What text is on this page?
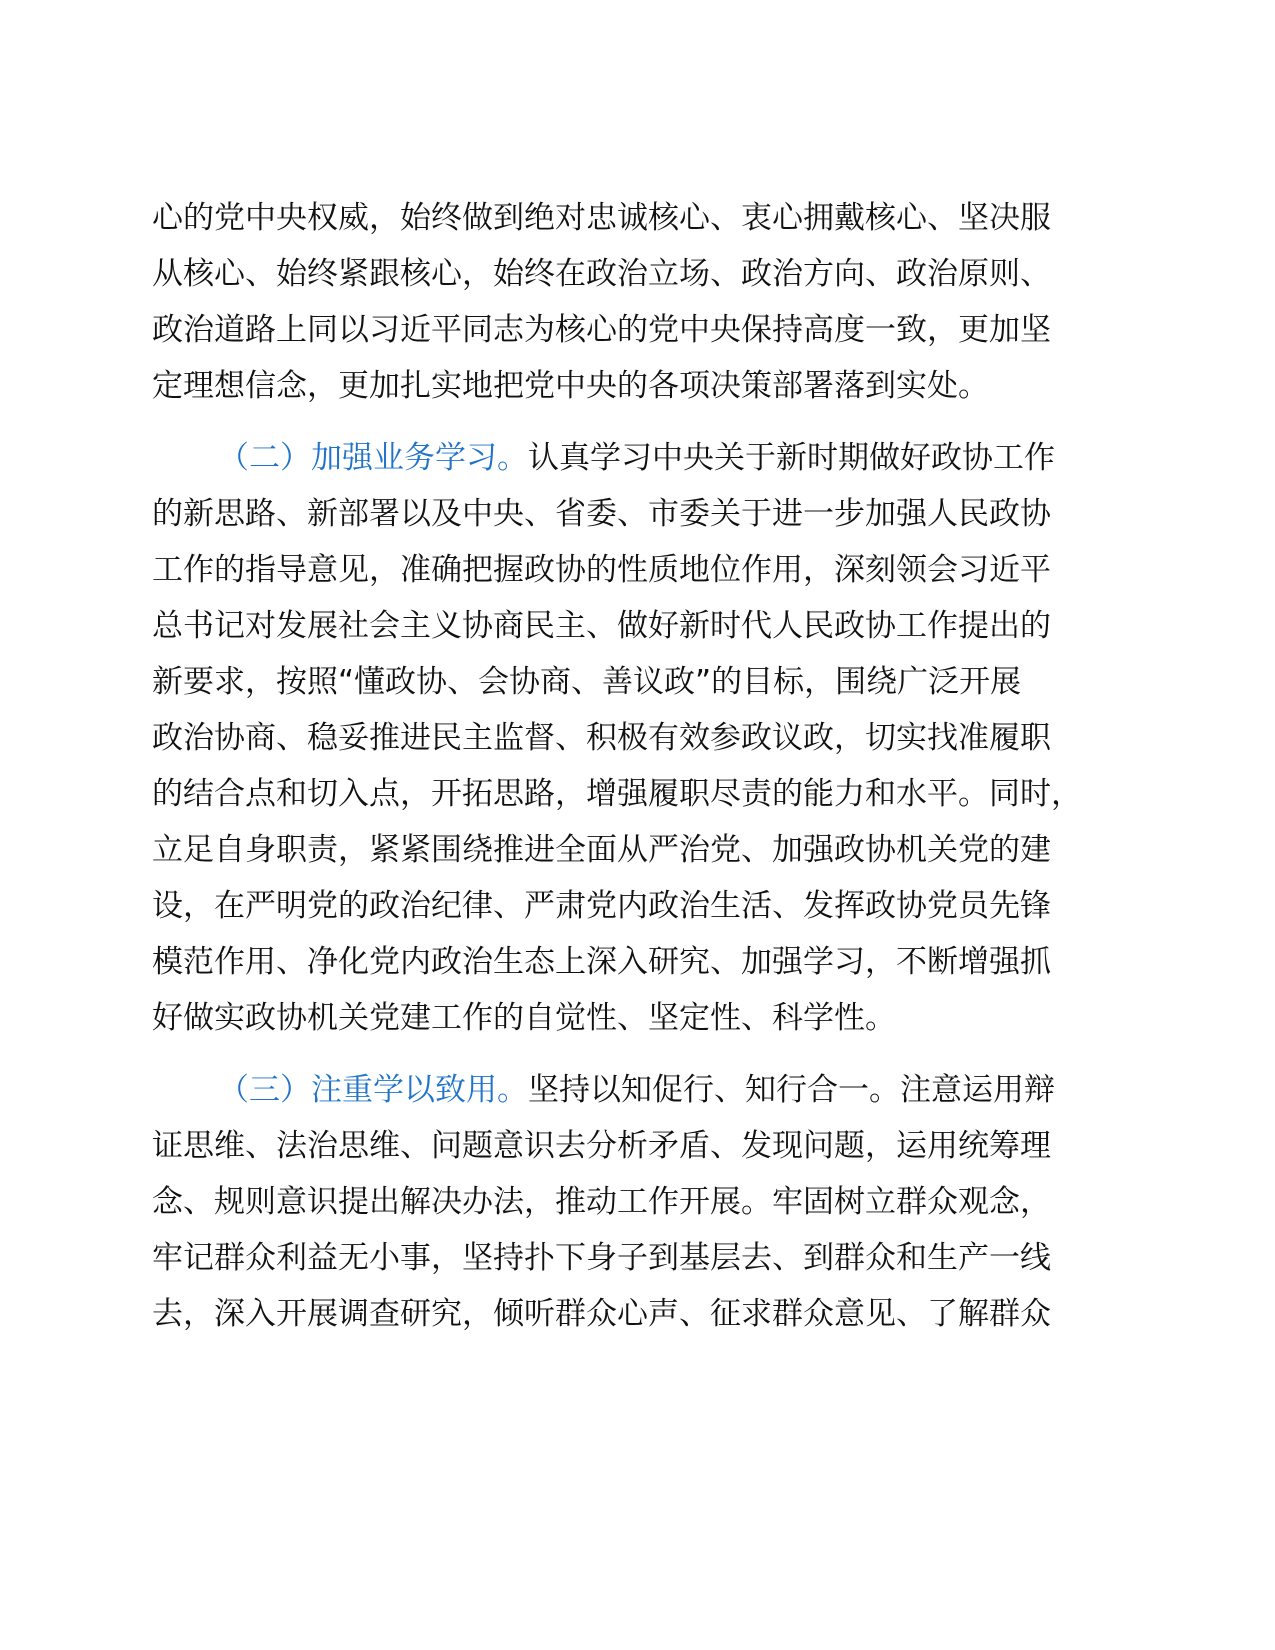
心的党中央权威，始终做到绝对忠诚核心、衷心拥戴核心、坚决服
从核心、始终紧跟核心，始终在政治立场、政治方向、政治原则、
政治道路上同以习近平同志为核心的党中央保持高度一致，更加坚
定理想信念，更加扎实地把党中央的各项决策部署落到实处。
（二）加强业务学习。认真学习中央关于新时期做好政协工作
的新思路、新部署以及中央、省委、市委关于进一步加强人民政协
工作的指导意见，准确把握政协的性质地位作用，深刻领会习近平
总书记对发展社会主义协商民主、做好新时代人民政协工作提出的
新要求，按照“懂政协、会协商、善议政”的目标，围绕广泛开展
政治协商、稳妥推进民主监督、积极有效参政议政，切实找准履职
的结合点和切入点，开拓思路，增强履职尽责的能力和水平。同时，
立足自身职责，紧紧围绕推进全面从严治党、加强政协机关党的建
设，在严明党的政治纪律、严肃党内政治生活、发挥政协党员先锋
模范作用、净化党内政治生态上深入研究、加强学习，不断增强抓
好做实政协机关党建工作的自觉性、坚定性、科学性。
（三）注重学以致用。坚持以知促行、知行合一。注意运用辩
证思维、法治思维、问题意识去分析矛盾、发现问题，运用统筹理
念、规则意识提出解决办法，推动工作开展。牢固树立群众观念，
牢记群众利益无小事，坚持扑下身子到基层去、到群众和生产一线
去，深入开展调查研究，倾听群众心声、征求群众意见、了解群众
